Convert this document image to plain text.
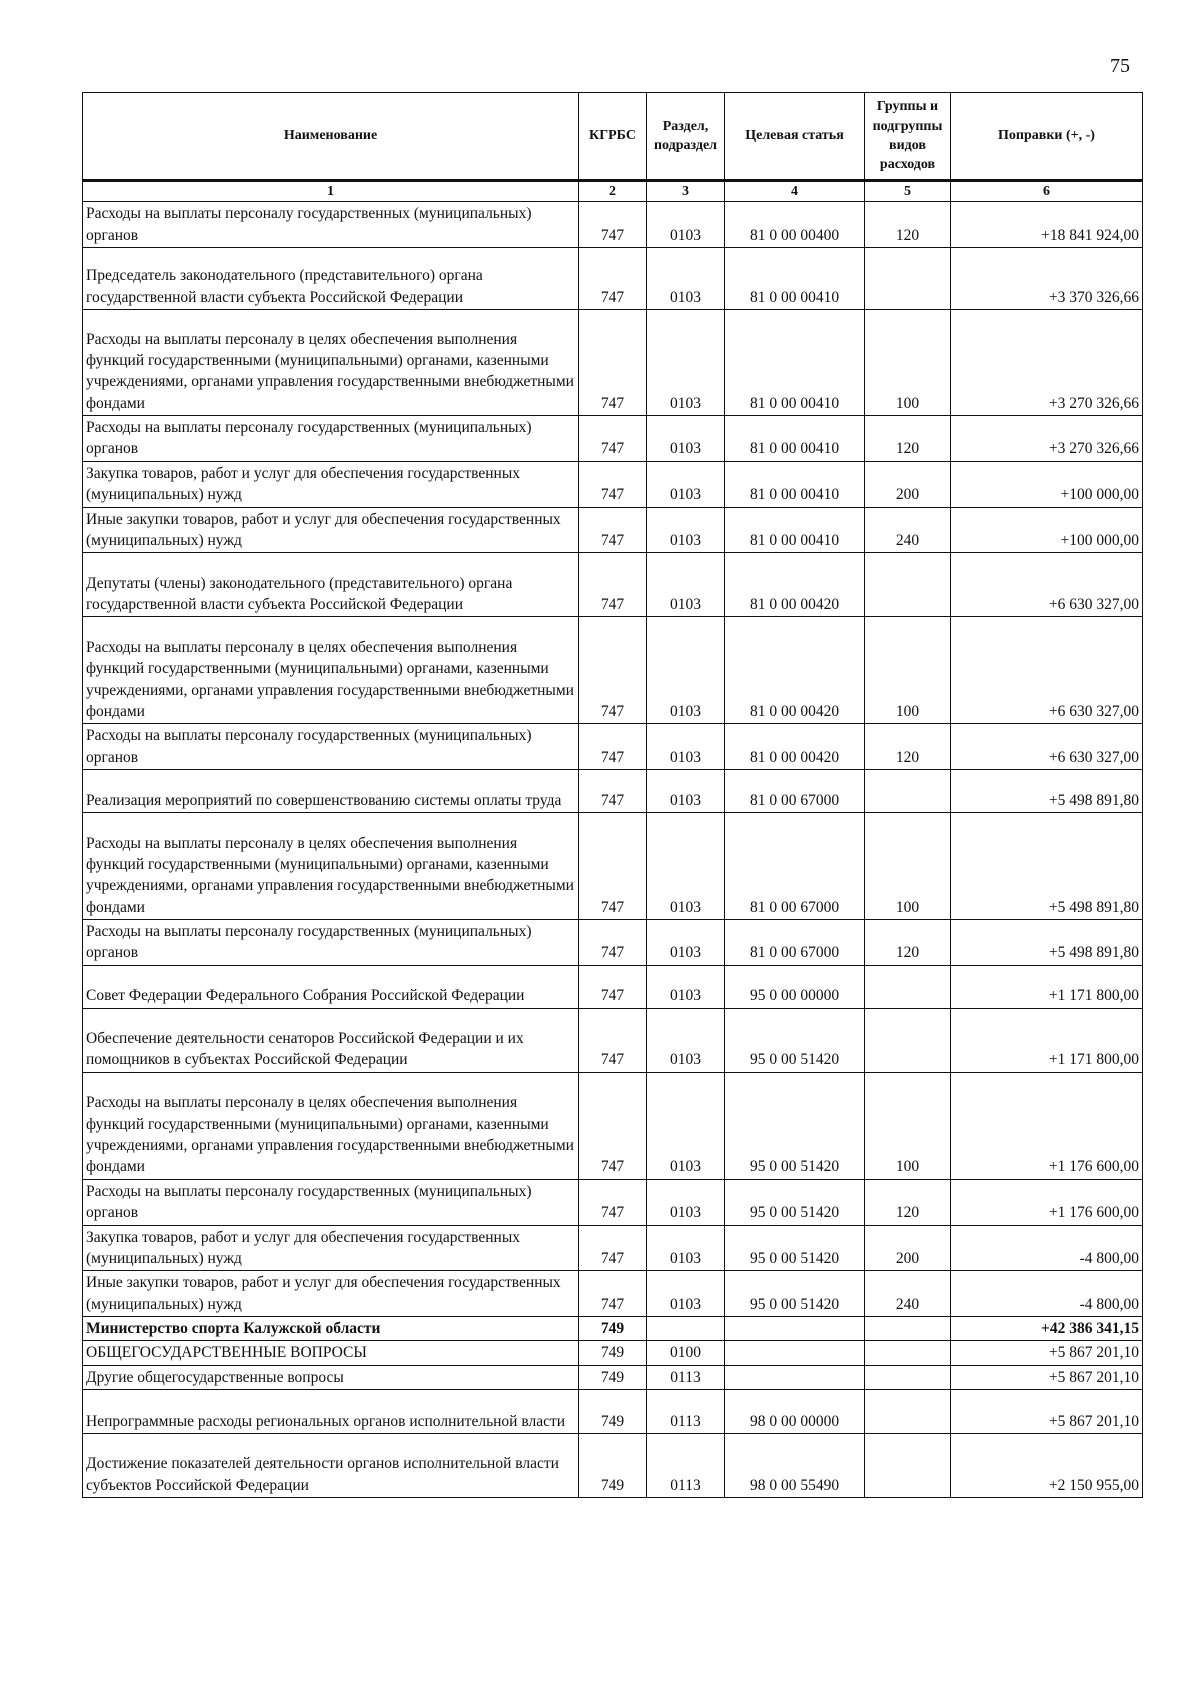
75
Наименование	КГРБС	Раздел, подраздел	Целевая статья	Группы и подгруппы видов расходов	Поправки (+, -)
1	2	3	4	5	6
Расходы на выплаты персоналу государственных (муниципальных) органов	747	0103	81 0 00 00400	120	+18 841 924,00
Председатель законодательного (представительного) органа государственной власти субъекта Российской Федерации	747	0103	81 0 00 00410		+3 370 326,66
Расходы на выплаты персоналу в целях обеспечения выполнения функций государственными (муниципальными) органами, казенными учреждениями, органами управления государственными внебюджетными фондами	747	0103	81 0 00 00410	100	+3 270 326,66
Расходы на выплаты персоналу государственных (муниципальных) органов	747	0103	81 0 00 00410	120	+3 270 326,66
Закупка товаров, работ и услуг для обеспечения государственных (муниципальных) нужд	747	0103	81 0 00 00410	200	+100 000,00
Иные закупки товаров, работ и услуг для обеспечения государственных (муниципальных) нужд	747	0103	81 0 00 00410	240	+100 000,00
Депутаты (члены) законодательного (представительного) органа государственной власти субъекта Российской Федерации	747	0103	81 0 00 00420		+6 630 327,00
Расходы на выплаты персоналу в целях обеспечения выполнения функций государственными (муниципальными) органами, казенными учреждениями, органами управления государственными внебюджетными фондами	747	0103	81 0 00 00420	100	+6 630 327,00
Расходы на выплаты персоналу государственных (муниципальных) органов	747	0103	81 0 00 00420	120	+6 630 327,00
Реализация мероприятий по совершенствованию системы оплаты труда	747	0103	81 0 00 67000		+5 498 891,80
Расходы на выплаты персоналу в целях обеспечения выполнения функций государственными (муниципальными) органами, казенными учреждениями, органами управления государственными внебюджетными фондами	747	0103	81 0 00 67000	100	+5 498 891,80
Расходы на выплаты персоналу государственных (муниципальных) органов	747	0103	81 0 00 67000	120	+5 498 891,80
Совет Федерации Федерального Собрания Российской Федерации	747	0103	95 0 00 00000		+1 171 800,00
Обеспечение деятельности сенаторов Российской Федерации и их помощников в субъектах Российской Федерации	747	0103	95 0 00 51420		+1 171 800,00
Расходы на выплаты персоналу в целях обеспечения выполнения функций государственными (муниципальными) органами, казенными учреждениями, органами управления государственными внебюджетными фондами	747	0103	95 0 00 51420	100	+1 176 600,00
Расходы на выплаты персоналу государственных (муниципальных) органов	747	0103	95 0 00 51420	120	+1 176 600,00
Закупка товаров, работ и услуг для обеспечения государственных (муниципальных) нужд	747	0103	95 0 00 51420	200	-4 800,00
Иные закупки товаров, работ и услуг для обеспечения государственных (муниципальных) нужд	747	0103	95 0 00 51420	240	-4 800,00
Министерство спорта Калужской области	749				+42 386 341,15
ОБЩЕГОСУДАРСТВЕННЫЕ ВОПРОСЫ	749	0100			+5 867 201,10
Другие общегосударственные вопросы	749	0113			+5 867 201,10
Непрограммные расходы региональных органов исполнительной власти	749	0113	98 0 00 00000		+5 867 201,10
Достижение показателей деятельности органов исполнительной власти субъектов Российской Федерации	749	0113	98 0 00 55490		+2 150 955,00
